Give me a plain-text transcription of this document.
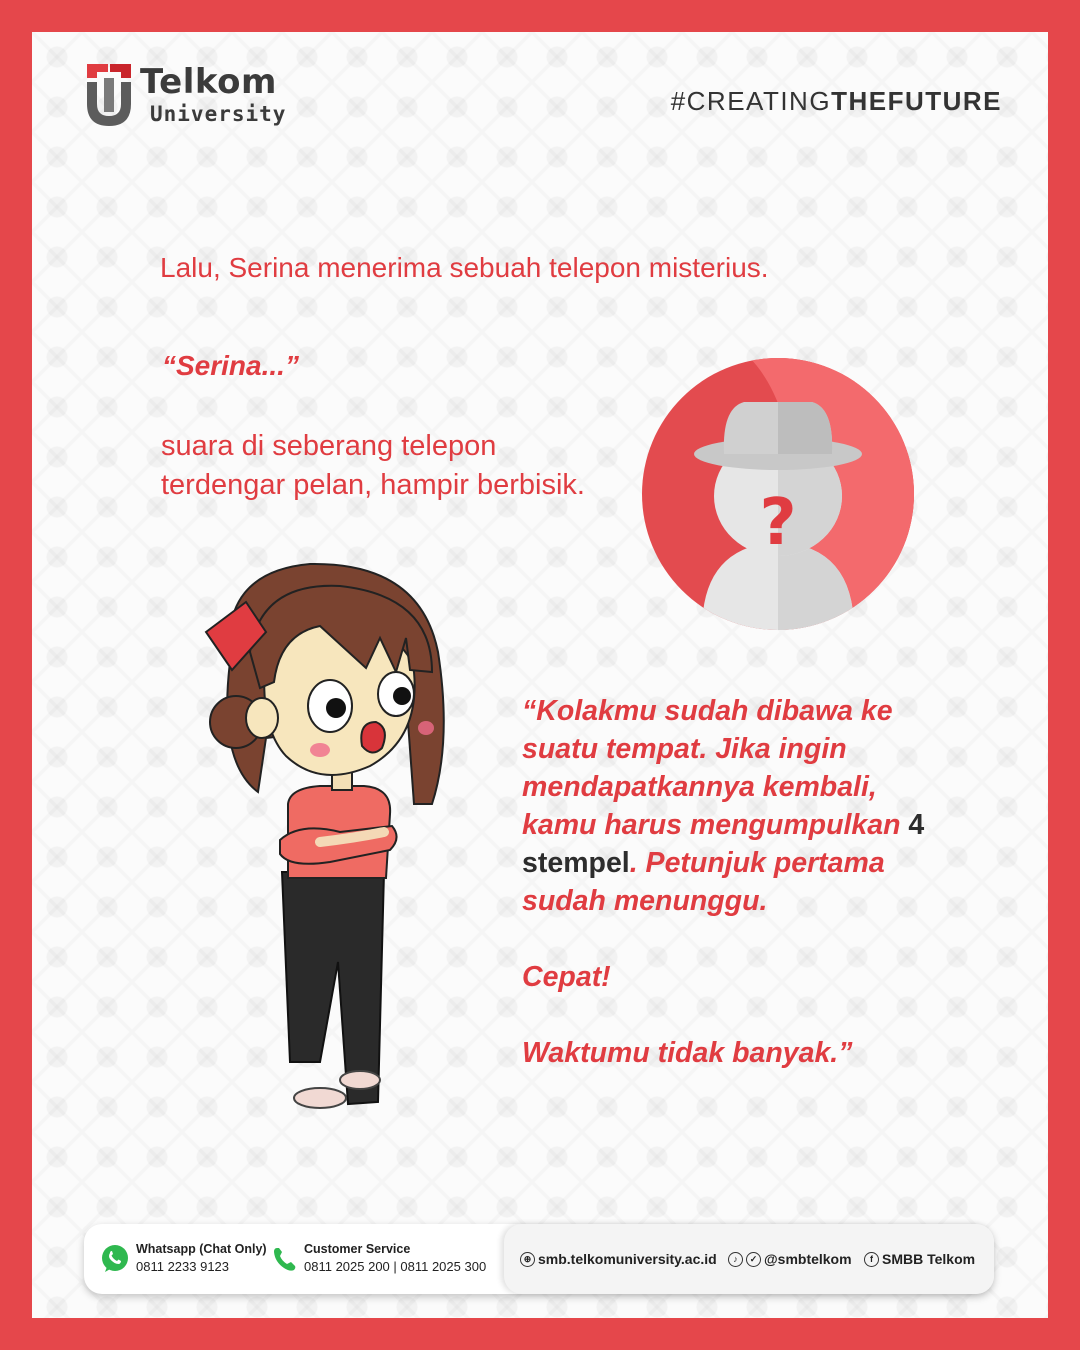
Telkom
University	#CREATINGTHEFUTURE
Lalu, Serina menerima sebuah telepon misterius.
“Serina...”
suara di seberang telepon
terdengar pelan, hampir berbisik.
?

“Kolakmu sudah dibawa ke suatu tempat. Jika ingin mendapatkannya kembali, kamu harus mengumpulkan 4 stempel. Petunjuk pertama sudah menunggu.

Cepat!

Waktumu tidak banyak.”

Whatsapp (Chat Only)
0811 2233 9123
Customer Service
0811 2025 200 | 0811 2025 300
⊕ smb.telkomuniversity.ac.id	♪	✓ @smbtelkom	f SMBB Telkom
